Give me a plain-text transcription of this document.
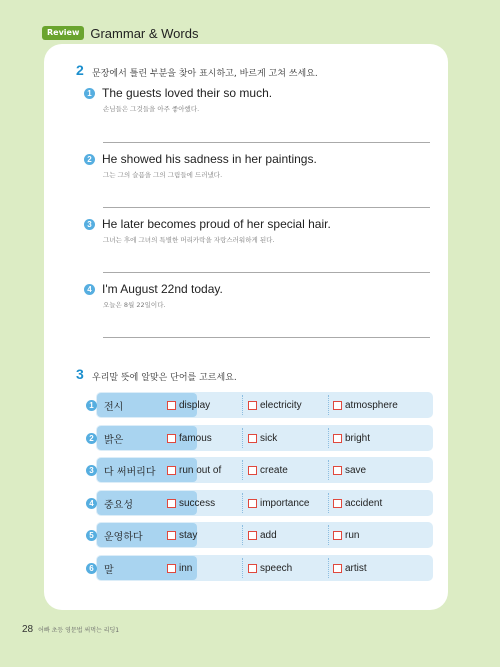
Review Grammar & Words
2 문장에서 틀린 부분을 찾아 표시하고, 바르게 고쳐 쓰세요.
1 The guests loved their so much.
손님들은 그것들을 아주 좋아했다.
2 He showed his sadness in her paintings.
그는 그의 슬픔을 그의 그림들에 드러냈다.
3 He later becomes proud of her special hair.
그녀는 후에 그녀의 특별한 머리카락을 자랑스러워하게 된다.
4 I'm August 22nd today.
오늘은 8월 22일이다.
3 우리말 뜻에 알맞은 단어를 고르세요.
전시
1	display	electricity	atmosphere
밝은
2	famous	sick	bright
다 써버리다
3	run out of	create	save
중요성
4	success	importance	accident
운영하다
5	stay	add	run
말
6	inn	speech	artist
28 어빠 초등 영문법 써먹는 리딩1
